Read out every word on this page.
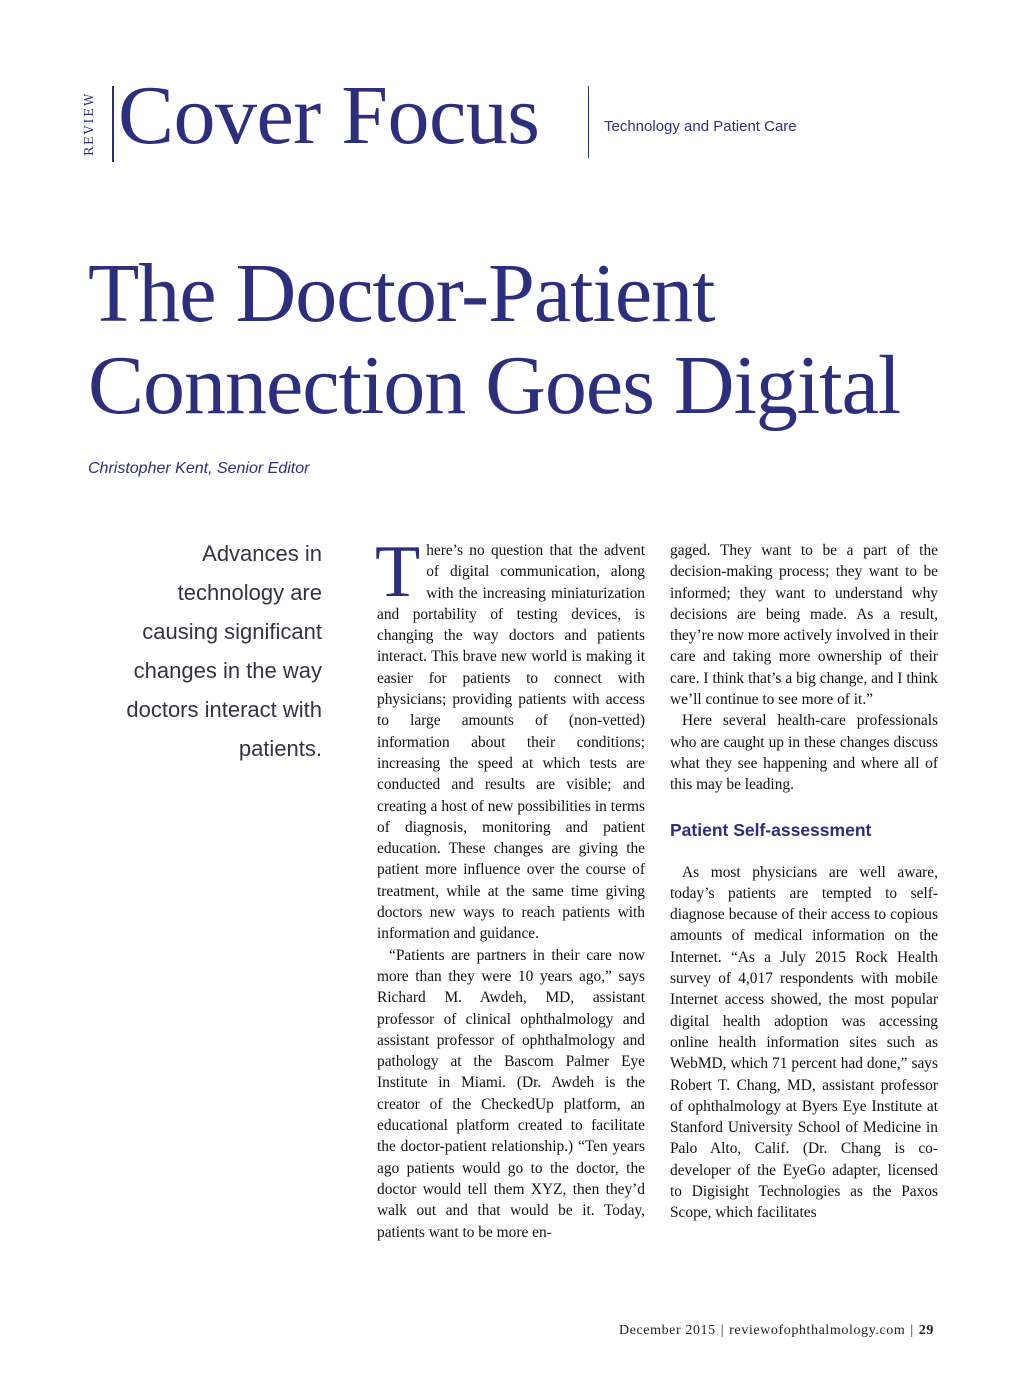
REVIEW Cover Focus	Technology and Patient Care
The Doctor-Patient
Connection Goes Digital
Christopher Kent, Senior Editor
Advances in technology are causing significant changes in the way doctors interact with patients.

There’s no question that the advent of digital communication, along with the increasing miniaturization and portability of testing devices, is changing the way doctors and patients interact. This brave new world is making it easier for patients to connect with physicians; providing patients with access to large amounts of (non-vetted) information about their conditions; increasing the speed at which tests are conducted and results are visible; and creating a host of new possibilities in terms of diagnosis, monitoring and patient education. These changes are giving the patient more influence over the course of treatment, while at the same time giving doctors new ways to reach patients with information and guidance.

“Patients are partners in their care now more than they were 10 years ago,” says Richard M. Awdeh, MD, assistant professor of clinical ophthalmology and assistant professor of ophthalmology and pathology at the Bascom Palmer Eye Institute in Miami. (Dr. Awdeh is the creator of the CheckedUp platform, an educational platform created to facilitate the doctor-patient relationship.) “Ten years ago patients would go to the doctor, the doctor would tell them XYZ, then they’d walk out and that would be it. Today, patients want to be more en-

gaged. They want to be a part of the decision-making process; they want to be informed; they want to understand why decisions are being made. As a result, they’re now more actively involved in their care and taking more ownership of their care. I think that’s a big change, and I think we’ll continue to see more of it.”

Here several health-care professionals who are caught up in these changes discuss what they see happening and where all of this may be leading.

Patient Self-assessment

As most physicians are well aware, today’s patients are tempted to self-diagnose because of their access to copious amounts of medical information on the Internet. “As a July 2015 Rock Health survey of 4,017 respondents with mobile Internet access showed, the most popular digital health adoption was accessing online health information sites such as WebMD, which 71 percent had done,” says Robert T. Chang, MD, assistant professor of ophthalmology at Byers Eye Institute at Stanford University School of Medicine in Palo Alto, Calif. (Dr. Chang is co-developer of the EyeGo adapter, licensed to Digisight Technologies as the Paxos Scope, which facilitates

December 2015 | reviewofophthalmology.com | 29
